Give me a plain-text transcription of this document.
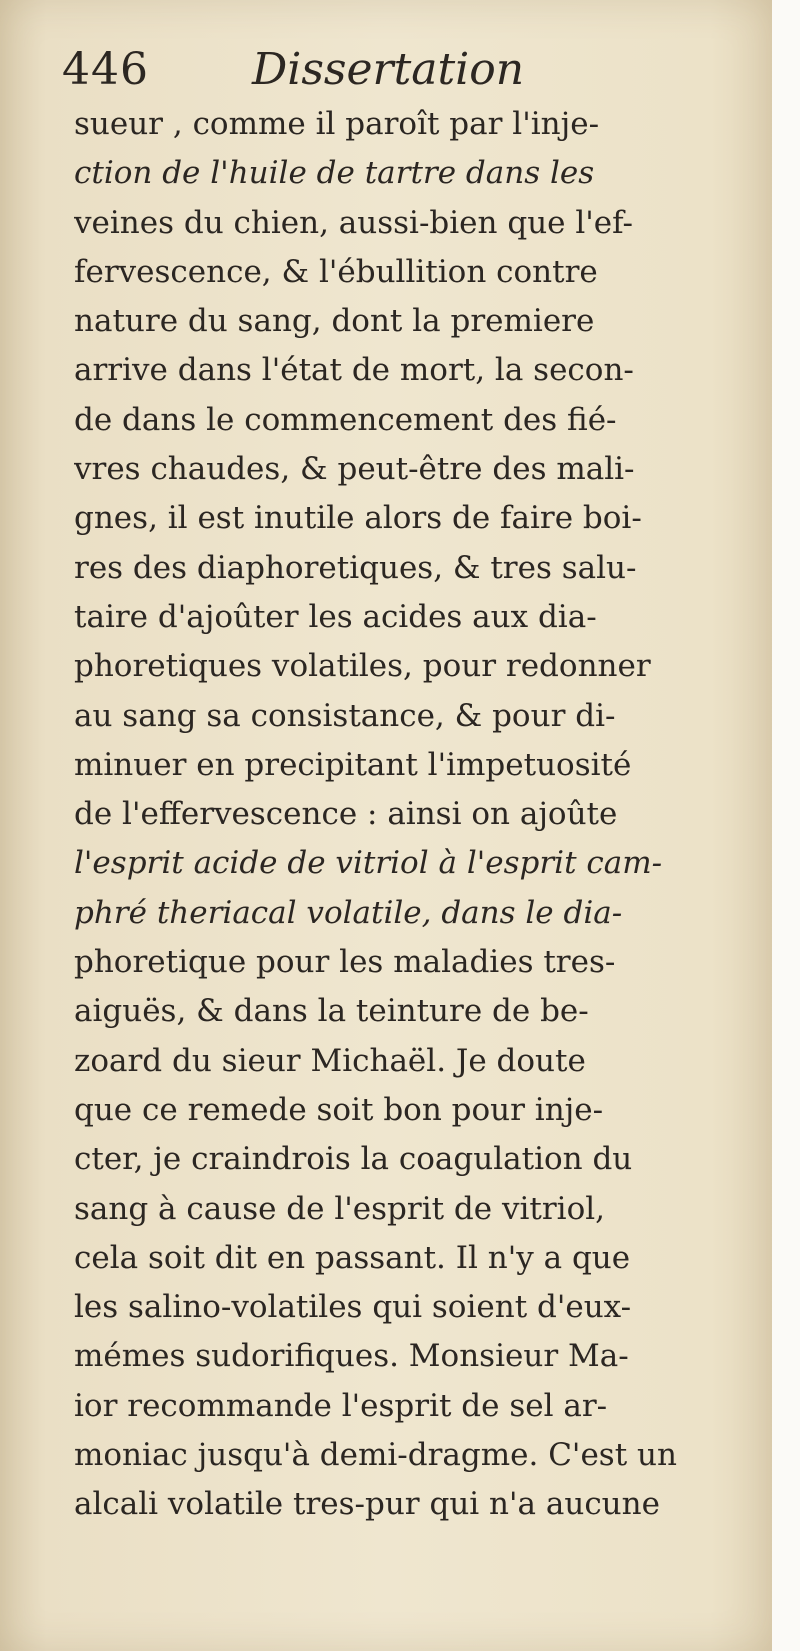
446 Dissertation
sueur , comme il paroît par l'inje-
ction de l'huile de tartre dans les
veines du chien, aussi-bien que l'ef-
fervescence, & l'ébullition contre
nature du sang, dont la premiere
arrive dans l'état de mort, la secon-
de dans le commencement des fié-
vres chaudes, & peut-être des mali-
gnes, il est inutile alors de faire boi-
res des diaphoretiques, & tres salu-
taire d'ajoûter les acides aux dia-
phoretiques volatiles, pour redonner
au sang sa consistance, & pour di-
minuer en precipitant l'impetuosité
de l'effervescence : ainsi on ajoûte
l'esprit acide de vitriol à l'esprit cam-
phré theriacal volatile, dans le dia-
phoretique pour les maladies tres-
aiguës, & dans la teinture de be-
zoard du sieur Michaël. Je doute
que ce remede soit bon pour inje-
cter, je craindrois la coagulation du
sang à cause de l'esprit de vitriol,
cela soit dit en passant. Il n'y a que
les salino-volatiles qui soient d'eux-
mémes sudorifiques. Monsieur Ma-
ior recommande l'esprit de sel ar-
moniac jusqu'à demi-dragme. C'est un
alcali volatile tres-pur qui n'a aucune
